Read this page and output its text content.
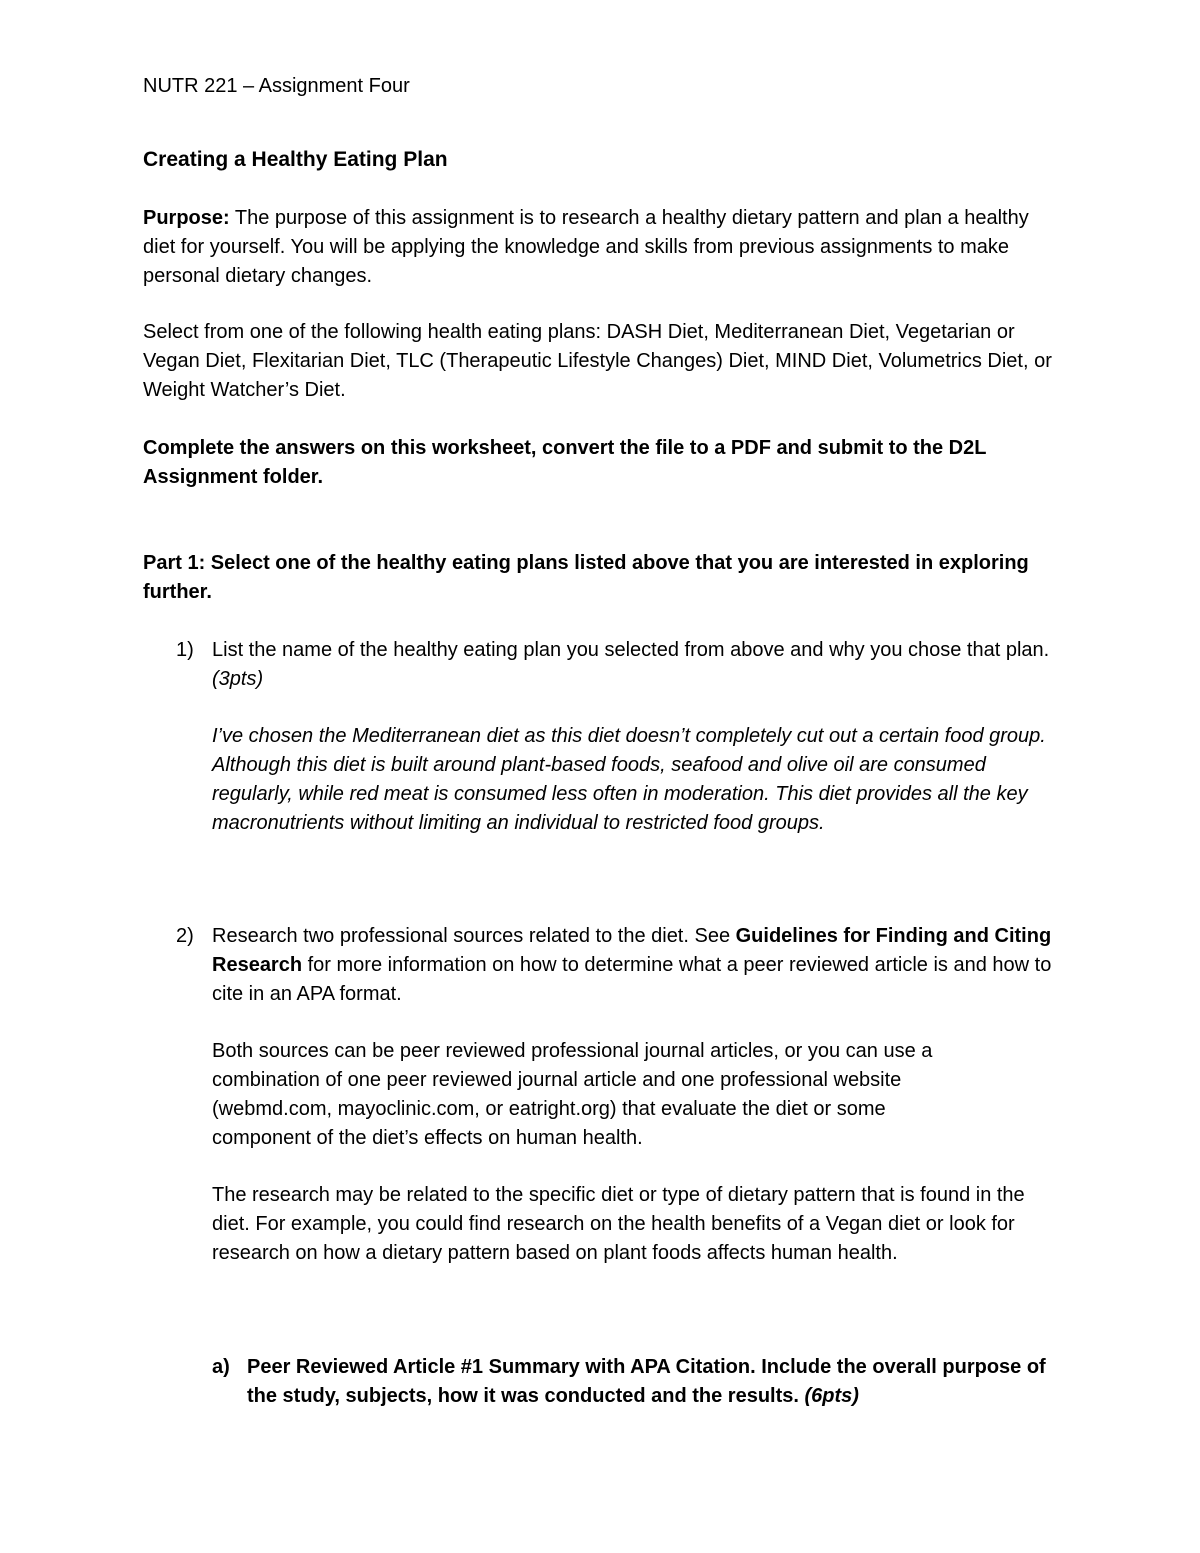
NUTR 221 – Assignment Four

Creating a Healthy Eating Plan

Purpose: The purpose of this assignment is to research a healthy dietary pattern and plan a healthy diet for yourself. You will be applying the knowledge and skills from previous assignments to make personal dietary changes.

Select from one of the following health eating plans: DASH Diet, Mediterranean Diet, Vegetarian or Vegan Diet, Flexitarian Diet, TLC (Therapeutic Lifestyle Changes) Diet, MIND Diet, Volumetrics Diet, or Weight Watcher’s Diet.

Complete the answers on this worksheet, convert the file to a PDF and submit to the D2L Assignment folder.

Part 1: Select one of the healthy eating plans listed above that you are interested in exploring further.

1) List the name of the healthy eating plan you selected from above and why you chose that plan. (3pts)

I’ve chosen the Mediterranean diet as this diet doesn’t completely cut out a certain food group. Although this diet is built around plant-based foods, seafood and olive oil are consumed regularly, while red meat is consumed less often in moderation. This diet provides all the key macronutrients without limiting an individual to restricted food groups.

2) Research two professional sources related to the diet. See Guidelines for Finding and Citing Research for more information on how to determine what a peer reviewed article is and how to cite in an APA format.

Both sources can be peer reviewed professional journal articles, or you can use a combination of one peer reviewed journal article and one professional website (webmd.com, mayoclinic.com, or eatright.org) that evaluate the diet or some component of the diet’s effects on human health.

The research may be related to the specific diet or type of dietary pattern that is found in the diet. For example, you could find research on the health benefits of a Vegan diet or look for research on how a dietary pattern based on plant foods affects human health.

a) Peer Reviewed Article #1 Summary with APA Citation. Include the overall purpose of the study, subjects, how it was conducted and the results. (6pts)
